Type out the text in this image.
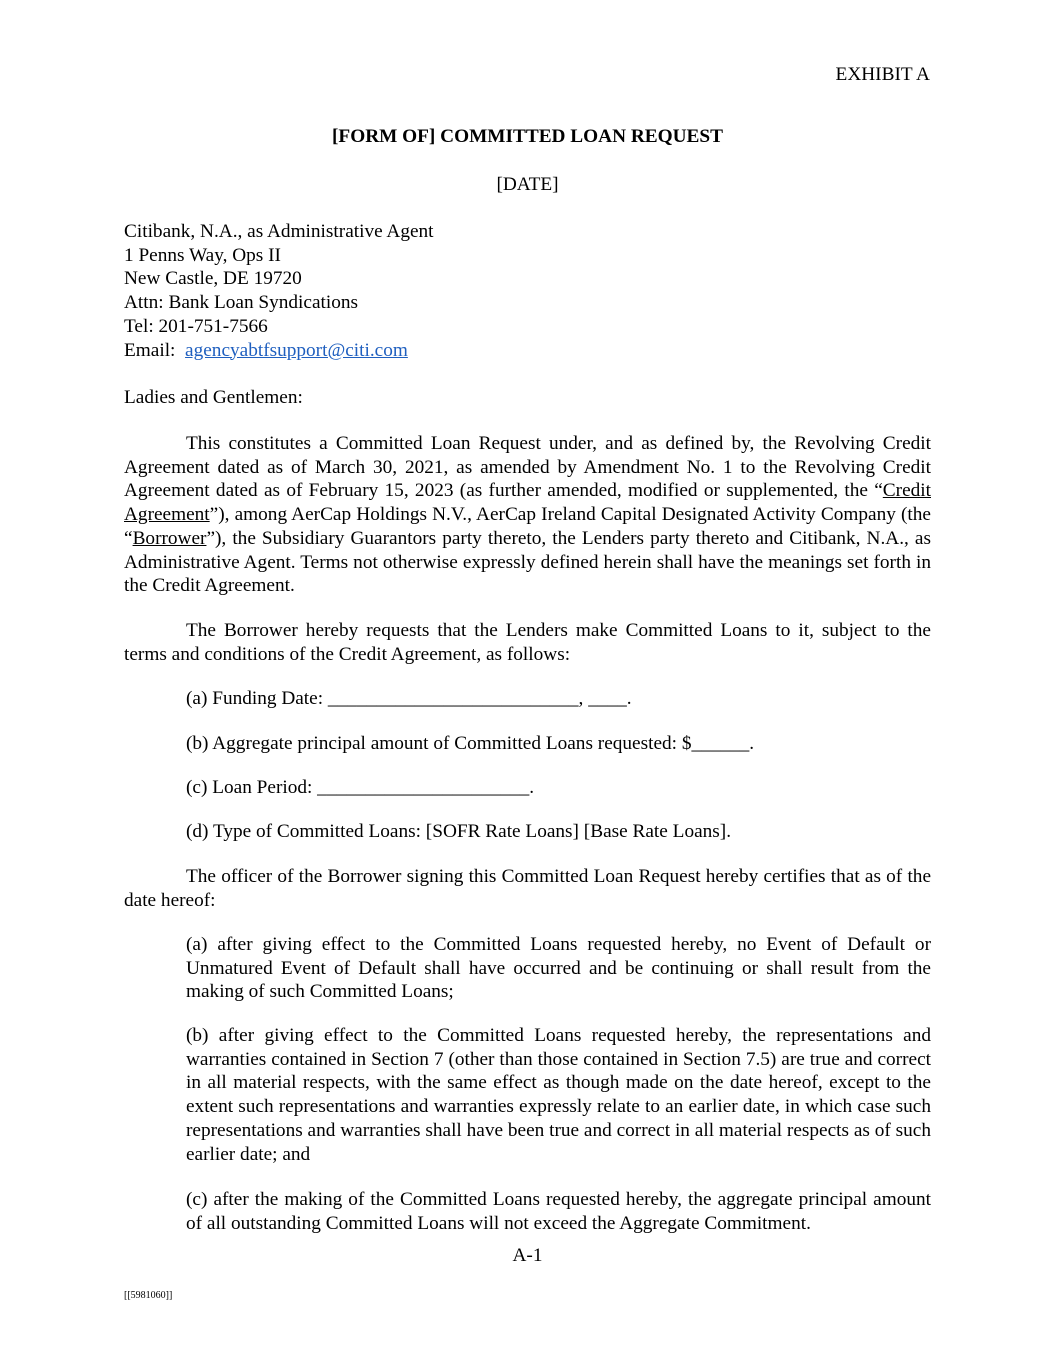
EXHIBIT A
[FORM OF] COMMITTED LOAN REQUEST
[DATE]
Citibank, N.A., as Administrative Agent
1 Penns Way, Ops II
New Castle, DE 19720
Attn: Bank Loan Syndications
Tel: 201-751-7566
Email:  agencyabtfsupport@citi.com
Ladies and Gentlemen:
This constitutes a Committed Loan Request under, and as defined by, the Revolving Credit Agreement dated as of March 30, 2021, as amended by Amendment No. 1 to the Revolving Credit Agreement dated as of February 15, 2023 (as further amended, modified or supplemented, the “Credit Agreement”), among AerCap Holdings N.V., AerCap Ireland Capital Designated Activity Company (the “Borrower”), the Subsidiary Guarantors party thereto, the Lenders party thereto and Citibank, N.A., as Administrative Agent. Terms not otherwise expressly defined herein shall have the meanings set forth in the Credit Agreement.
The Borrower hereby requests that the Lenders make Committed Loans to it, subject to the terms and conditions of the Credit Agreement, as follows:
(a) Funding Date: __________________________, ____.
(b) Aggregate principal amount of Committed Loans requested: $______.
(c) Loan Period: ______________________.
(d) Type of Committed Loans: [SOFR Rate Loans] [Base Rate Loans].
The officer of the Borrower signing this Committed Loan Request hereby certifies that as of the date hereof:
(a) after giving effect to the Committed Loans requested hereby, no Event of Default or Unmatured Event of Default shall have occurred and be continuing or shall result from the making of such Committed Loans;
(b) after giving effect to the Committed Loans requested hereby, the representations and warranties contained in Section 7 (other than those contained in Section 7.5) are true and correct in all material respects, with the same effect as though made on the date hereof, except to the extent such representations and warranties expressly relate to an earlier date, in which case such representations and warranties shall have been true and correct in all material respects as of such earlier date; and
(c) after the making of the Committed Loans requested hereby, the aggregate principal amount of all outstanding Committed Loans will not exceed the Aggregate Commitment.
A-1
[[5981060]]
